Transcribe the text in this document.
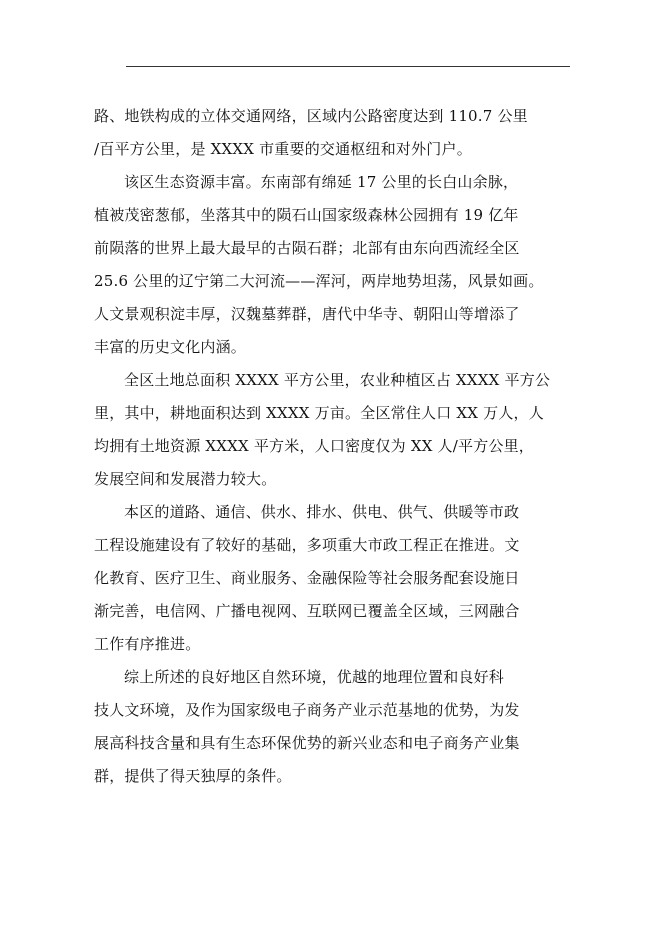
路、地铁构成的立体交通网络，区域内公路密度达到 110.7 公里
/百平方公里，是 XXXX 市重要的交通枢纽和对外门户。
该区生态资源丰富。东南部有绵延 17 公里的长白山余脉，
植被茂密葱郁，坐落其中的陨石山国家级森林公园拥有 19 亿年
前陨落的世界上最大最早的古陨石群；北部有由东向西流经全区
25.6 公里的辽宁第二大河流——浑河，两岸地势坦荡，风景如画。
人文景观积淀丰厚，汉魏墓葬群，唐代中华寺、朝阳山等增添了
丰富的历史文化内涵。
全区土地总面积 XXXX 平方公里，农业种植区占 XXXX 平方公
里，其中，耕地面积达到 XXXX 万亩。全区常住人口 XX 万人，人
均拥有土地资源 XXXX 平方米，人口密度仅为 XX 人/平方公里，
发展空间和发展潜力较大。
本区的道路、通信、供水、排水、供电、供气、供暖等市政
工程设施建设有了较好的基础，多项重大市政工程正在推进。文
化教育、医疗卫生、商业服务、金融保险等社会服务配套设施日
渐完善，电信网、广播电视网、互联网已覆盖全区域，三网融合
工作有序推进。
综上所述的良好地区自然环境，优越的地理位置和良好科
技人文环境，及作为国家级电子商务产业示范基地的优势，为发
展高科技含量和具有生态环保优势的新兴业态和电子商务产业集
群，提供了得天独厚的条件。
